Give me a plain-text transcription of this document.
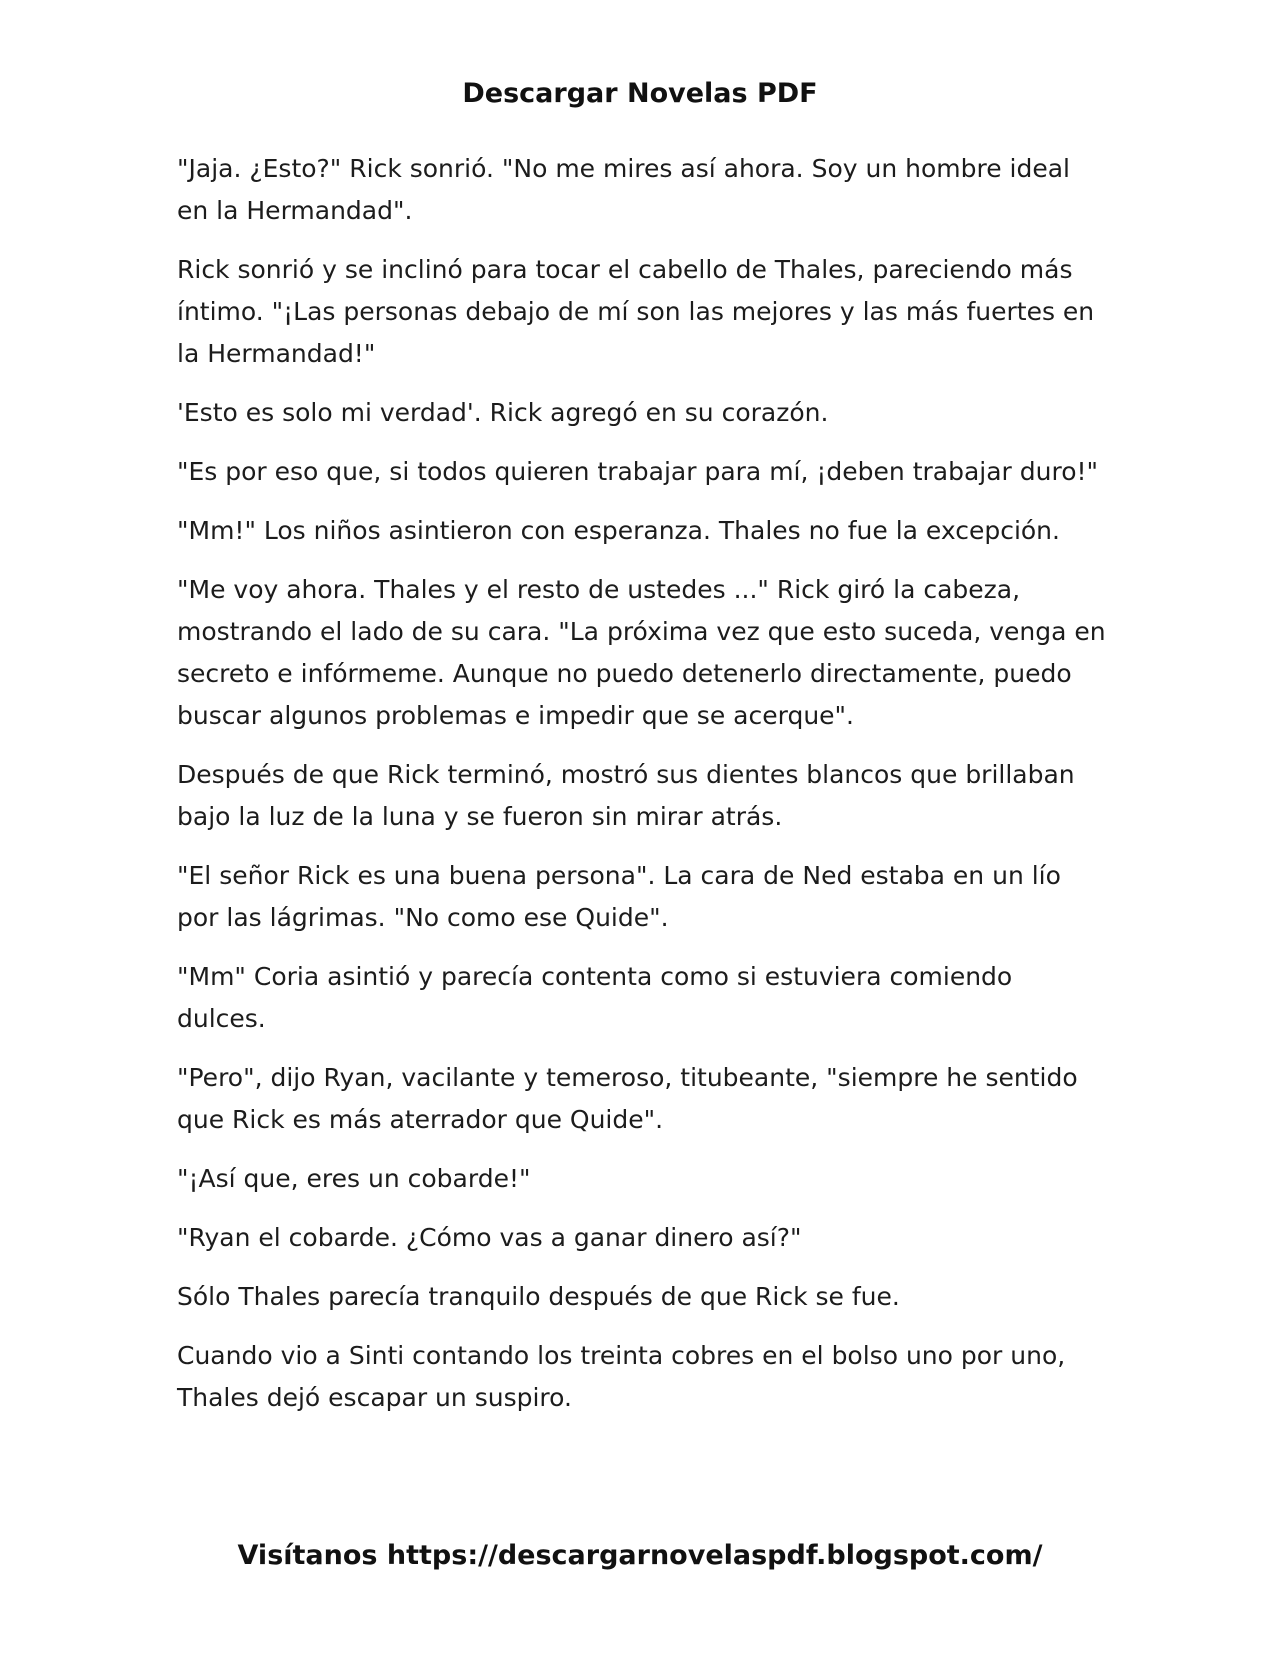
Descargar Novelas PDF

"Jaja. ¿Esto?" Rick sonrió. "No me mires así ahora. Soy un hombre ideal en la Hermandad".

Rick sonrió y se inclinó para tocar el cabello de Thales, pareciendo más íntimo. "¡Las personas debajo de mí son las mejores y las más fuertes en la Hermandad!"

'Esto es solo mi verdad'. Rick agregó en su corazón.

"Es por eso que, si todos quieren trabajar para mí, ¡deben trabajar duro!"

"Mm!" Los niños asintieron con esperanza. Thales no fue la excepción.

"Me voy ahora. Thales y el resto de ustedes ..." Rick giró la cabeza, mostrando el lado de su cara. "La próxima vez que esto suceda, venga en secreto e infórmeme. Aunque no puedo detenerlo directamente, puedo buscar algunos problemas e impedir que se acerque".

Después de que Rick terminó, mostró sus dientes blancos que brillaban bajo la luz de la luna y se fueron sin mirar atrás.

"El señor Rick es una buena persona". La cara de Ned estaba en un lío por las lágrimas. "No como ese Quide".

"Mm" Coria asintió y parecía contenta como si estuviera comiendo dulces.

"Pero", dijo Ryan, vacilante y temeroso, titubeante, "siempre he sentido que Rick es más aterrador que Quide".

"¡Así que, eres un cobarde!"

"Ryan el cobarde. ¿Cómo vas a ganar dinero así?"

Sólo Thales parecía tranquilo después de que Rick se fue.

Cuando vio a Sinti contando los treinta cobres en el bolso uno por uno, Thales dejó escapar un suspiro.

Visítanos https://descargarnovelaspdf.blogspot.com/
